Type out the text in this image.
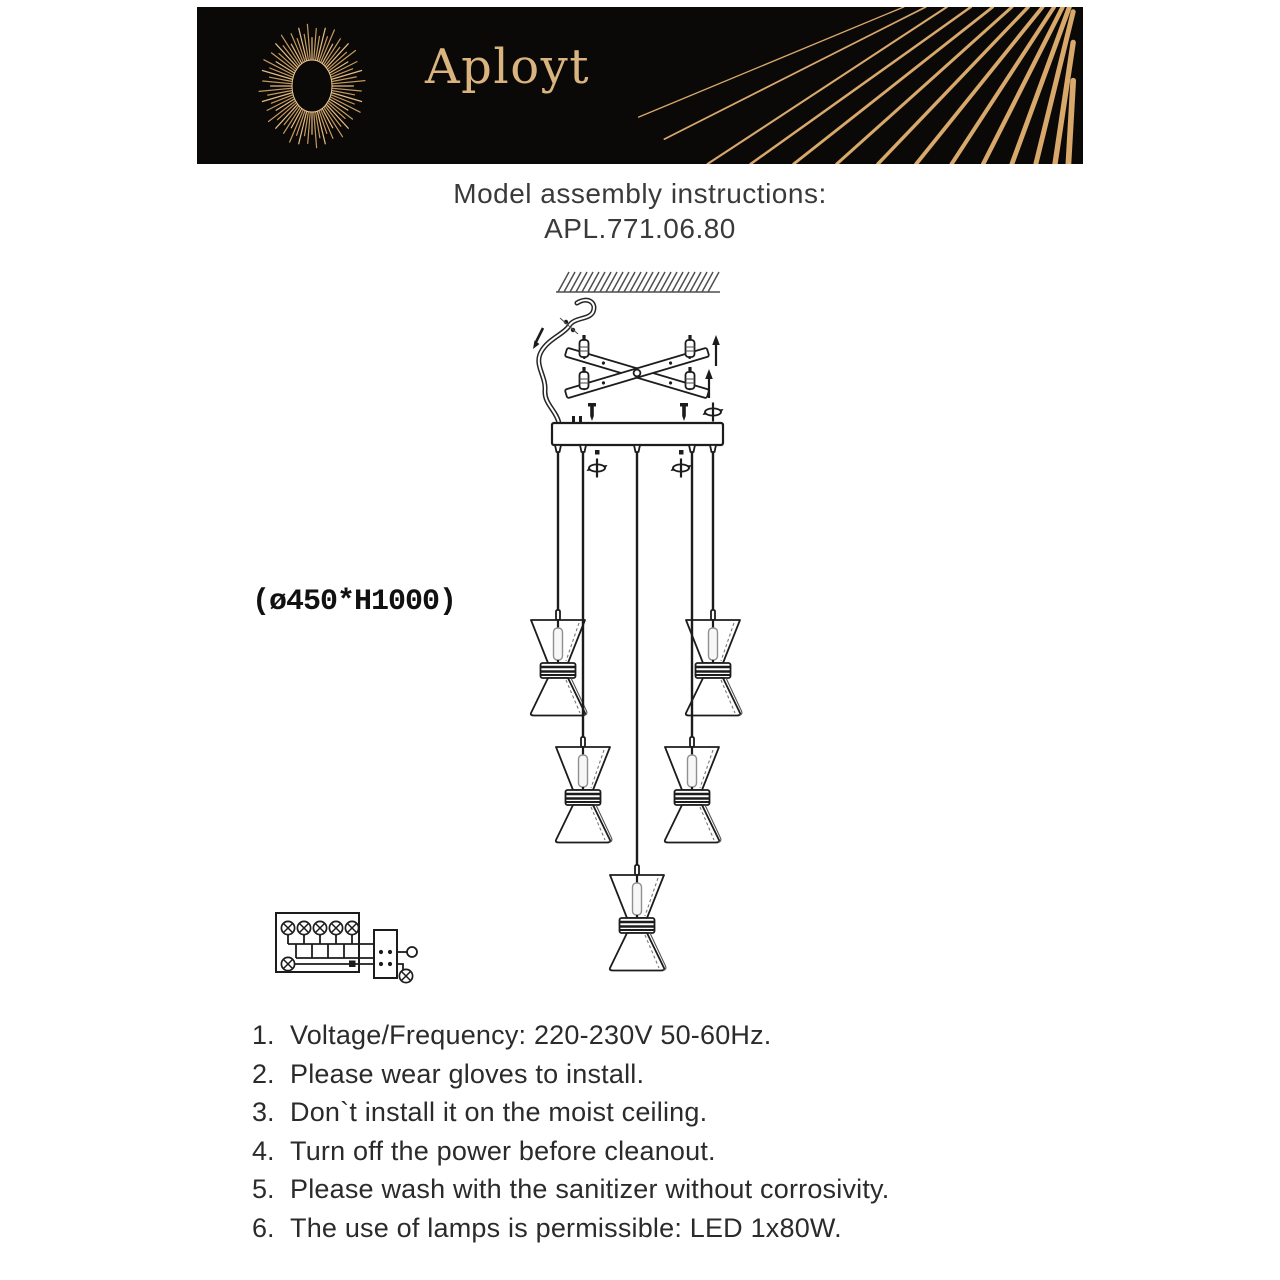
Aployt
Model assembly instructions:
APL.771.06.80
(ø450*H1000)
1. Voltage/Frequency: 220-230V 50-60Hz.
2. Please wear gloves to install.
3. Don`t install it on the moist ceiling.
4. Turn off the power before cleanout.
5. Please wash with the sanitizer without corrosivity.
6. The use of lamps is permissible: LED 1x80W.
